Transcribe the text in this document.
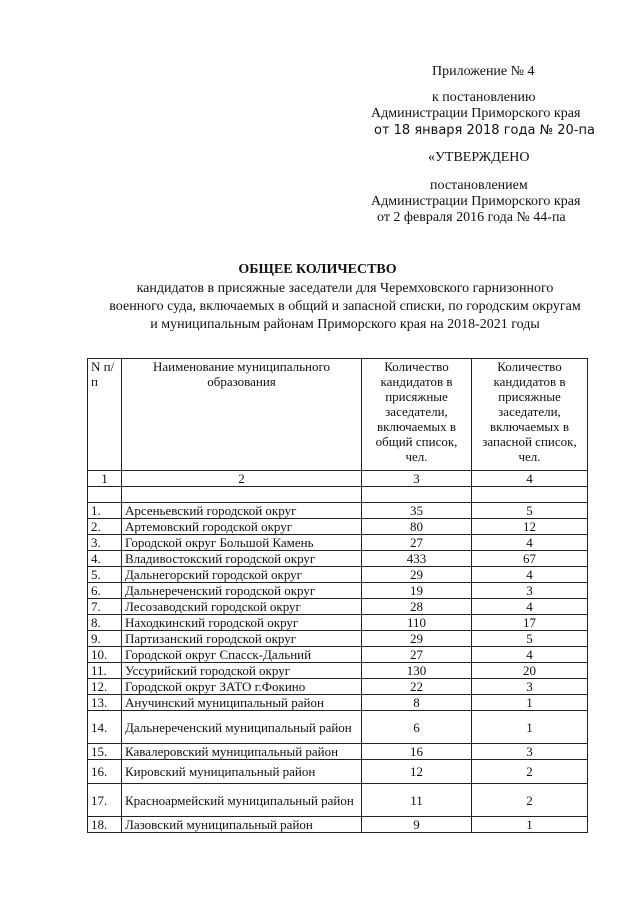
Приложение № 4
к постановлению
Администрации Приморского края
от 18 января 2018 года № 20-па
«УТВЕРЖДЕНО
постановлением
Администрации Приморского края
от 2 февраля 2016 года № 44-па
ОБЩЕЕ КОЛИЧЕСТВО
кандидатов в присяжные заседатели для Черемховского гарнизонного
военного суда, включаемых в общий и запасной списки, по городским округам
и муниципальным районам Приморского края на 2018-2021 годы
N п/п	Наименование муниципального образования	Количество кандидатов в присяжные заседатели, включаемых в общий список, чел.	Количество кандидатов в присяжные заседатели, включаемых в запасной список, чел.
1	2	3	4

1.	Арсеньевский городской округ	35	5
2.	Артемовский городской округ	80	12
3.	Городской округ Большой Камень	27	4
4.	Владивостокский городской округ	433	67
5.	Дальнегорский городской округ	29	4
6.	Дальнереченский городской округ	19	3
7.	Лесозаводский городской округ	28	4
8.	Находкинский городской округ	110	17
9.	Партизанский городской округ	29	5
10.	Городской округ Спасск-Дальний	27	4
11.	Уссурийский городской округ	130	20
12.	Городской округ ЗАТО г.Фокино	22	3
13.	Анучинский муниципальный район	8	1
14.	Дальнереченский муниципальный район	6	1
15.	Кавалеровский муниципальный район	16	3
16.	Кировский муниципальный район	12	2
17.	Красноармейский муниципальный район	11	2
18.	Лазовский муниципальный район	9	1
